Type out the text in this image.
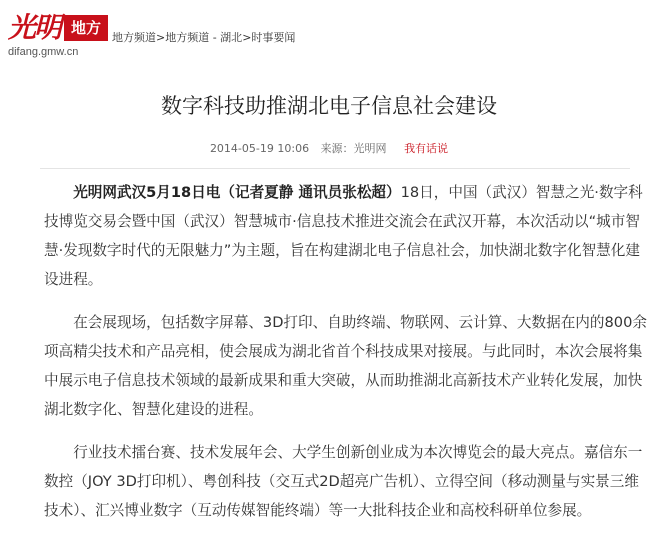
光明 地方
difang.gmw.cn
地方频道>地方频道 - 湖北>时事要闻
数字科技助推湖北电子信息社会建设
2014-05-19 10:06 来源：光明网 我有话说

光明网武汉5月18日电（记者夏静 通讯员张松超）18日，中国（武汉）智慧之光·数字科技博览交易会暨中国（武汉）智慧城市·信息技术推进交流会在武汉开幕，本次活动以“城市智慧·发现数字时代的无限魅力”为主题，旨在构建湖北电子信息社会，加快湖北数字化智慧化建设进程。

在会展现场，包括数字屏幕、3D打印、自助终端、物联网、云计算、大数据在内的800余项高精尖技术和产品亮相，使会展成为湖北省首个科技成果对接展。与此同时，本次会展将集中展示电子信息技术领域的最新成果和重大突破，从而助推湖北高新技术产业转化发展，加快湖北数字化、智慧化建设的进程。

行业技术擂台赛、技术发展年会、大学生创新创业成为本次博览会的最大亮点。嘉信东一数控（JOY 3D打印机）、粤创科技（交互式2D超亮广告机）、立得空间（移动测量与实景三维技术）、汇兴博业数字（互动传媒智能终端）等一大批科技企业和高校科研单位参展。
